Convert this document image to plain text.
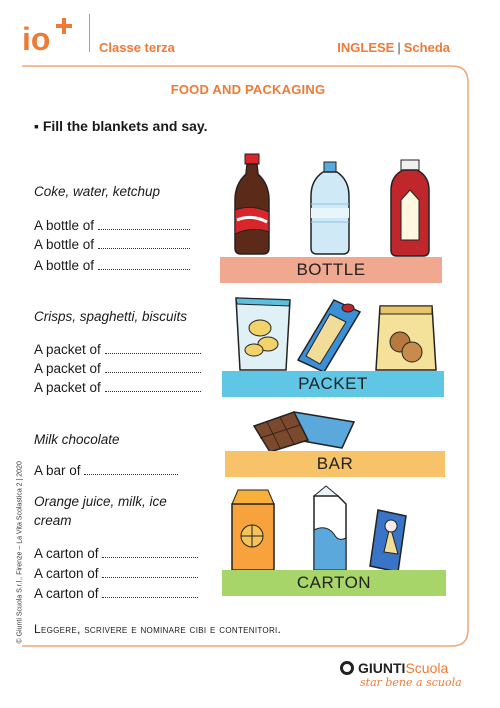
io	Classe terza	INGLESE | Scheda
FOOD AND PACKAGING
▪ Fill the blankets and say.
Coke, water, ketchup
A bottle of
A bottle of
A bottle of	BOTTLE
Crisps, spaghetti, biscuits
A packet of
A packet of
A packet of	PACKET
Milk chocolate
A bar of	BAR
Orange juice, milk, ice
cream
A carton of
A carton of
A carton of
CARTON
Leggere, scrivere e nominare cibi e contenitori.
© Giunti Scuola S.r.l., Firenze – La Vita Scolastica 2 | 2020
GIUNTI Scuola
star bene a scuola
